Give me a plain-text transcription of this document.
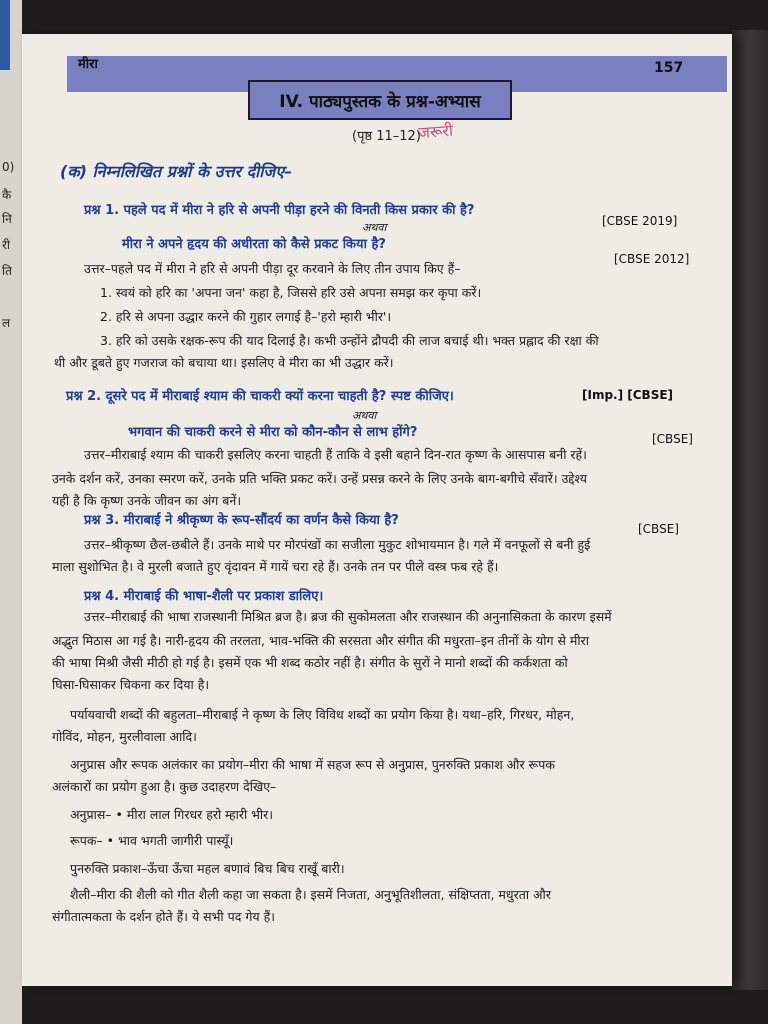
0)
कै
नि
री
ति
ल
मीरा	157
IV. पाठ्यपुस्तक के प्रश्न-अभ्यास
(पृष्ठ 11–12)
जरूरी
(क) निम्नलिखित प्रश्नों के उत्तर दीजिए–
प्रश्न 1. पहले पद में मीरा ने हरि से अपनी पीड़ा हरने की विनती किस प्रकार की है?
[CBSE 2019]
अथवा
मीरा ने अपने हृदय की अधीरता को कैसे प्रकट किया है?
[CBSE 2012]
उत्तर–पहले पद में मीरा ने हरि से अपनी पीड़ा दूर करवाने के लिए तीन उपाय किए हैं–
1. स्वयं को हरि का 'अपना जन' कहा है, जिससे हरि उसे अपना समझ कर कृपा करें।
2. हरि से अपना उद्धार करने की गुहार लगाई है–'हरो म्हारी भीर'।
3. हरि को उसके रक्षक-रूप की याद दिलाई है। कभी उन्होंने द्रौपदी की लाज बचाई थी। भक्त प्रह्लाद की रक्षा की
थी और डूबते हुए गजराज को बचाया था। इसलिए वे मीरा का भी उद्धार करें।
प्रश्न 2. दूसरे पद में मीराबाई श्याम की चाकरी क्यों करना चाहती है? स्पष्ट कीजिए।	[Imp.] [CBSE]
अथवा
भगवान की चाकरी करने से मीरा को कौन-कौन से लाभ होंगे?	[CBSE]
उत्तर–मीराबाई श्याम की चाकरी इसलिए करना चाहती हैं ताकि वे इसी बहाने दिन-रात कृष्ण के आसपास बनी रहें।
उनके दर्शन करें, उनका स्मरण करें, उनके प्रति भक्ति प्रकट करें। उन्हें प्रसन्न करने के लिए उनके बाग-बगीचे सँवारें। उद्देश्य
यही है कि कृष्ण उनके जीवन का अंग बनें।
प्रश्न 3. मीराबाई ने श्रीकृष्ण के रूप-सौंदर्य का वर्णन कैसे किया है?
[CBSE]
उत्तर–श्रीकृष्ण छैल-छबीले हैं। उनके माथे पर मोरपंखों का सजीला मुकुट शोभायमान है। गले में वनफूलों से बनी हुई
माला सुशोभित है। वे मुरली बजाते हुए वृंदावन में गायें चरा रहे हैं। उनके तन पर पीले वस्त्र फब रहे हैं।
प्रश्न 4. मीराबाई की भाषा-शैली पर प्रकाश डालिए।
उत्तर–मीराबाई की भाषा राजस्थानी मिश्रित ब्रज है। ब्रज की सुकोमलता और राजस्थान की अनुनासिकता के कारण इसमें
अद्भुत मिठास आ गई है। नारी-हृदय की तरलता, भाव-भक्ति की सरसता और संगीत की मधुरता–इन तीनों के योग से मीरा
की भाषा मिश्री जैसी मीठी हो गई है। इसमें एक भी शब्द कठोर नहीं है। संगीत के सुरों ने मानो शब्दों की कर्कशता को
घिसा-घिसाकर चिकना कर दिया है।
पर्यायवाची शब्दों की बहुलता–मीराबाई ने कृष्ण के लिए विविध शब्दों का प्रयोग किया है। यथा–हरि, गिरधर, मोहन,
गोविंद, मोहन, मुरलीवाला आदि।
अनुप्रास और रूपक अलंकार का प्रयोग–मीरा की भाषा में सहज रूप से अनुप्रास, पुनरुक्ति प्रकाश और रूपक
अलंकारों का प्रयोग हुआ है। कुछ उदाहरण देखिए–
अनुप्रास– • मीरा लाल गिरधर हरो म्हारी भीर।
रूपक– • भाव भगती जागीरी पास्यूँ।
पुनरुक्ति प्रकाश–ऊँचा ऊँचा महल बणावं बिच बिच राखूँ बारी।
शैली–मीरा की शैली को गीत शैली कहा जा सकता है। इसमें निजता, अनुभूतिशीलता, संक्षिप्तता, मधुरता और
संगीतात्मकता के दर्शन होते हैं। ये सभी पद गेय हैं।
